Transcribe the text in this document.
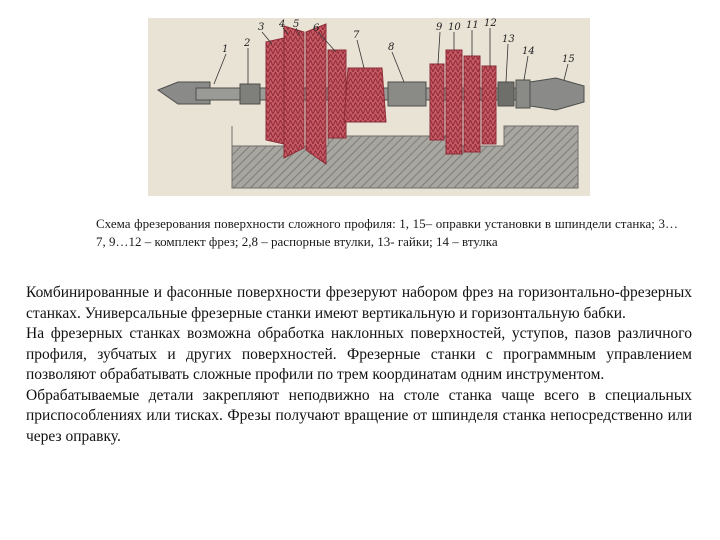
1
2
3 4 5 6
7
8
9 10 11 12
13
14
15
Схема фрезерования поверхности сложного профиля: 1, 15– оправки установки в шпиндели станка; 3…7, 9…12 – комплект фрез; 2,8 – распорные втулки, 13- гайки; 14 – втулка

Комбинированные и фасонные поверхности фрезеруют набором фрез на горизонтально-фрезерных станках. Универсальные фрезерные станки имеют вертикальную и горизонтальную бабки.

На фрезерных станках возможна обработка наклонных поверхностей, уступов, пазов различного профиля, зубчатых и других поверхностей. Фрезерные станки с программным управлением позволяют обрабатывать сложные профили по трем координатам одним инструментом.

Обрабатываемые детали закрепляют неподвижно на столе станка чаще всего в специальных приспособлениях или тисках. Фрезы получают вращение от шпинделя станка непосредственно или через оправку.
